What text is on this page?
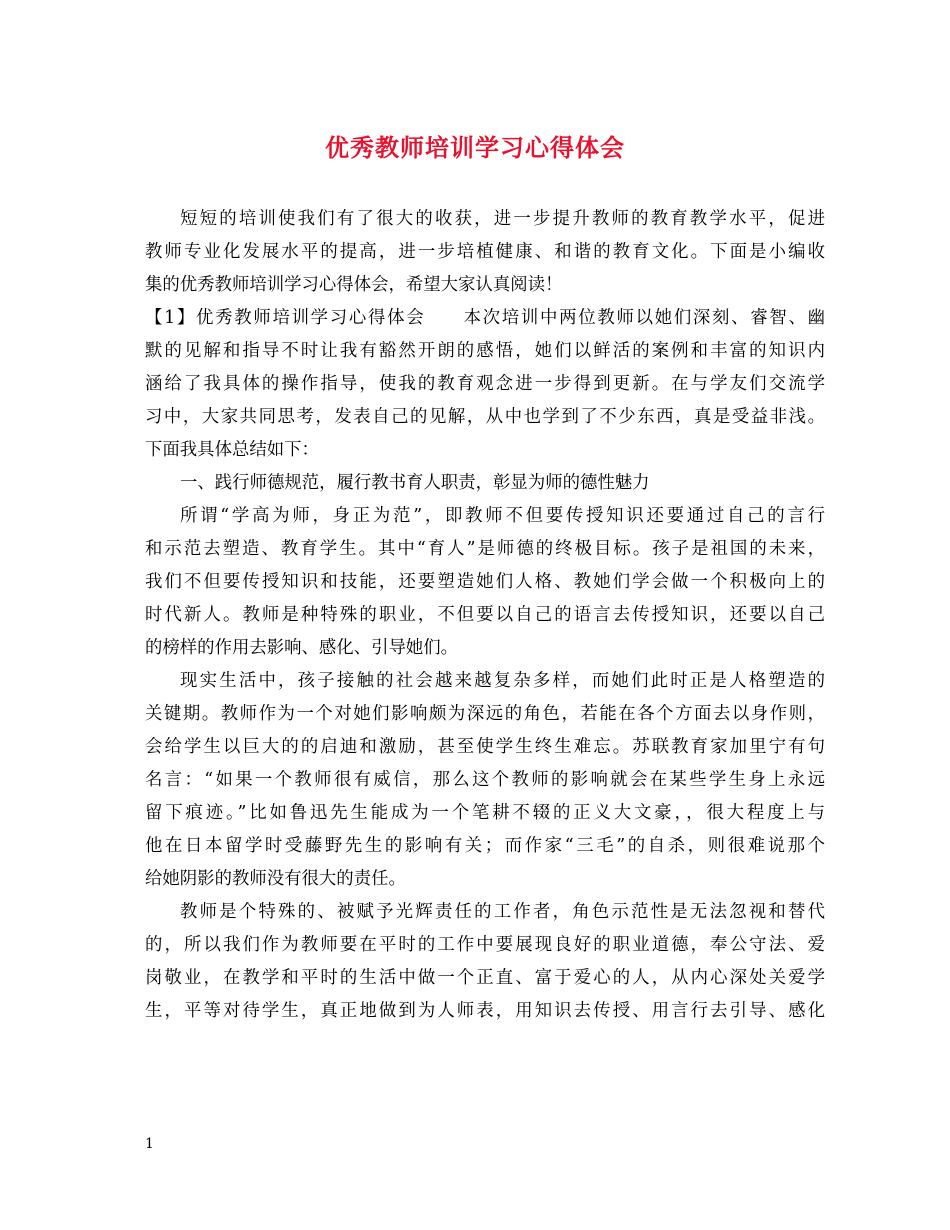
优秀教师培训学习心得体会
短短的培训使我们有了很大的收获，进一步提升教师的教育教学水平，促进
教师专业化发展水平的提高，进一步培植健康、和谐的教育文化。下面是小编收
集的优秀教师培训学习心得体会，希望大家认真阅读！
【1】优秀教师培训学习心得体会　　本次培训中两位教师以她们深刻、睿智、幽
默的见解和指导不时让我有豁然开朗的感悟，她们以鲜活的案例和丰富的知识内
涵给了我具体的操作指导，使我的教育观念进一步得到更新。在与学友们交流学
习中，大家共同思考，发表自己的见解，从中也学到了不少东西，真是受益非浅。
下面我具体总结如下：
一、践行师德规范，履行教书育人职责，彰显为师的德性魅力
所谓“学高为师，身正为范”，即教师不但要传授知识还要通过自己的言行
和示范去塑造、教育学生。其中“育人”是师德的终极目标。孩子是祖国的未来，
我们不但要传授知识和技能，还要塑造她们人格、教她们学会做一个积极向上的
时代新人。教师是种特殊的职业，不但要以自己的语言去传授知识，还要以自己
的榜样的作用去影响、感化、引导她们。
现实生活中，孩子接触的社会越来越复杂多样，而她们此时正是人格塑造的
关键期。教师作为一个对她们影响颇为深远的角色，若能在各个方面去以身作则，
会给学生以巨大的的启迪和激励，甚至使学生终生难忘。苏联教育家加里宁有句
名言：“如果一个教师很有威信，那么这个教师的影响就会在某些学生身上永远
留下痕迹。”比如鲁迅先生能成为一个笔耕不辍的正义大文豪，，很大程度上与
他在日本留学时受藤野先生的影响有关；而作家“三毛”的自杀，则很难说那个
给她阴影的教师没有很大的责任。
教师是个特殊的、被赋予光辉责任的工作者，角色示范性是无法忽视和替代
的，所以我们作为教师要在平时的工作中要展现良好的职业道德，奉公守法、爱
岗敬业，在教学和平时的生活中做一个正直、富于爱心的人，从内心深处关爱学
生，平等对待学生，真正地做到为人师表，用知识去传授、用言行去引导、感化
1
